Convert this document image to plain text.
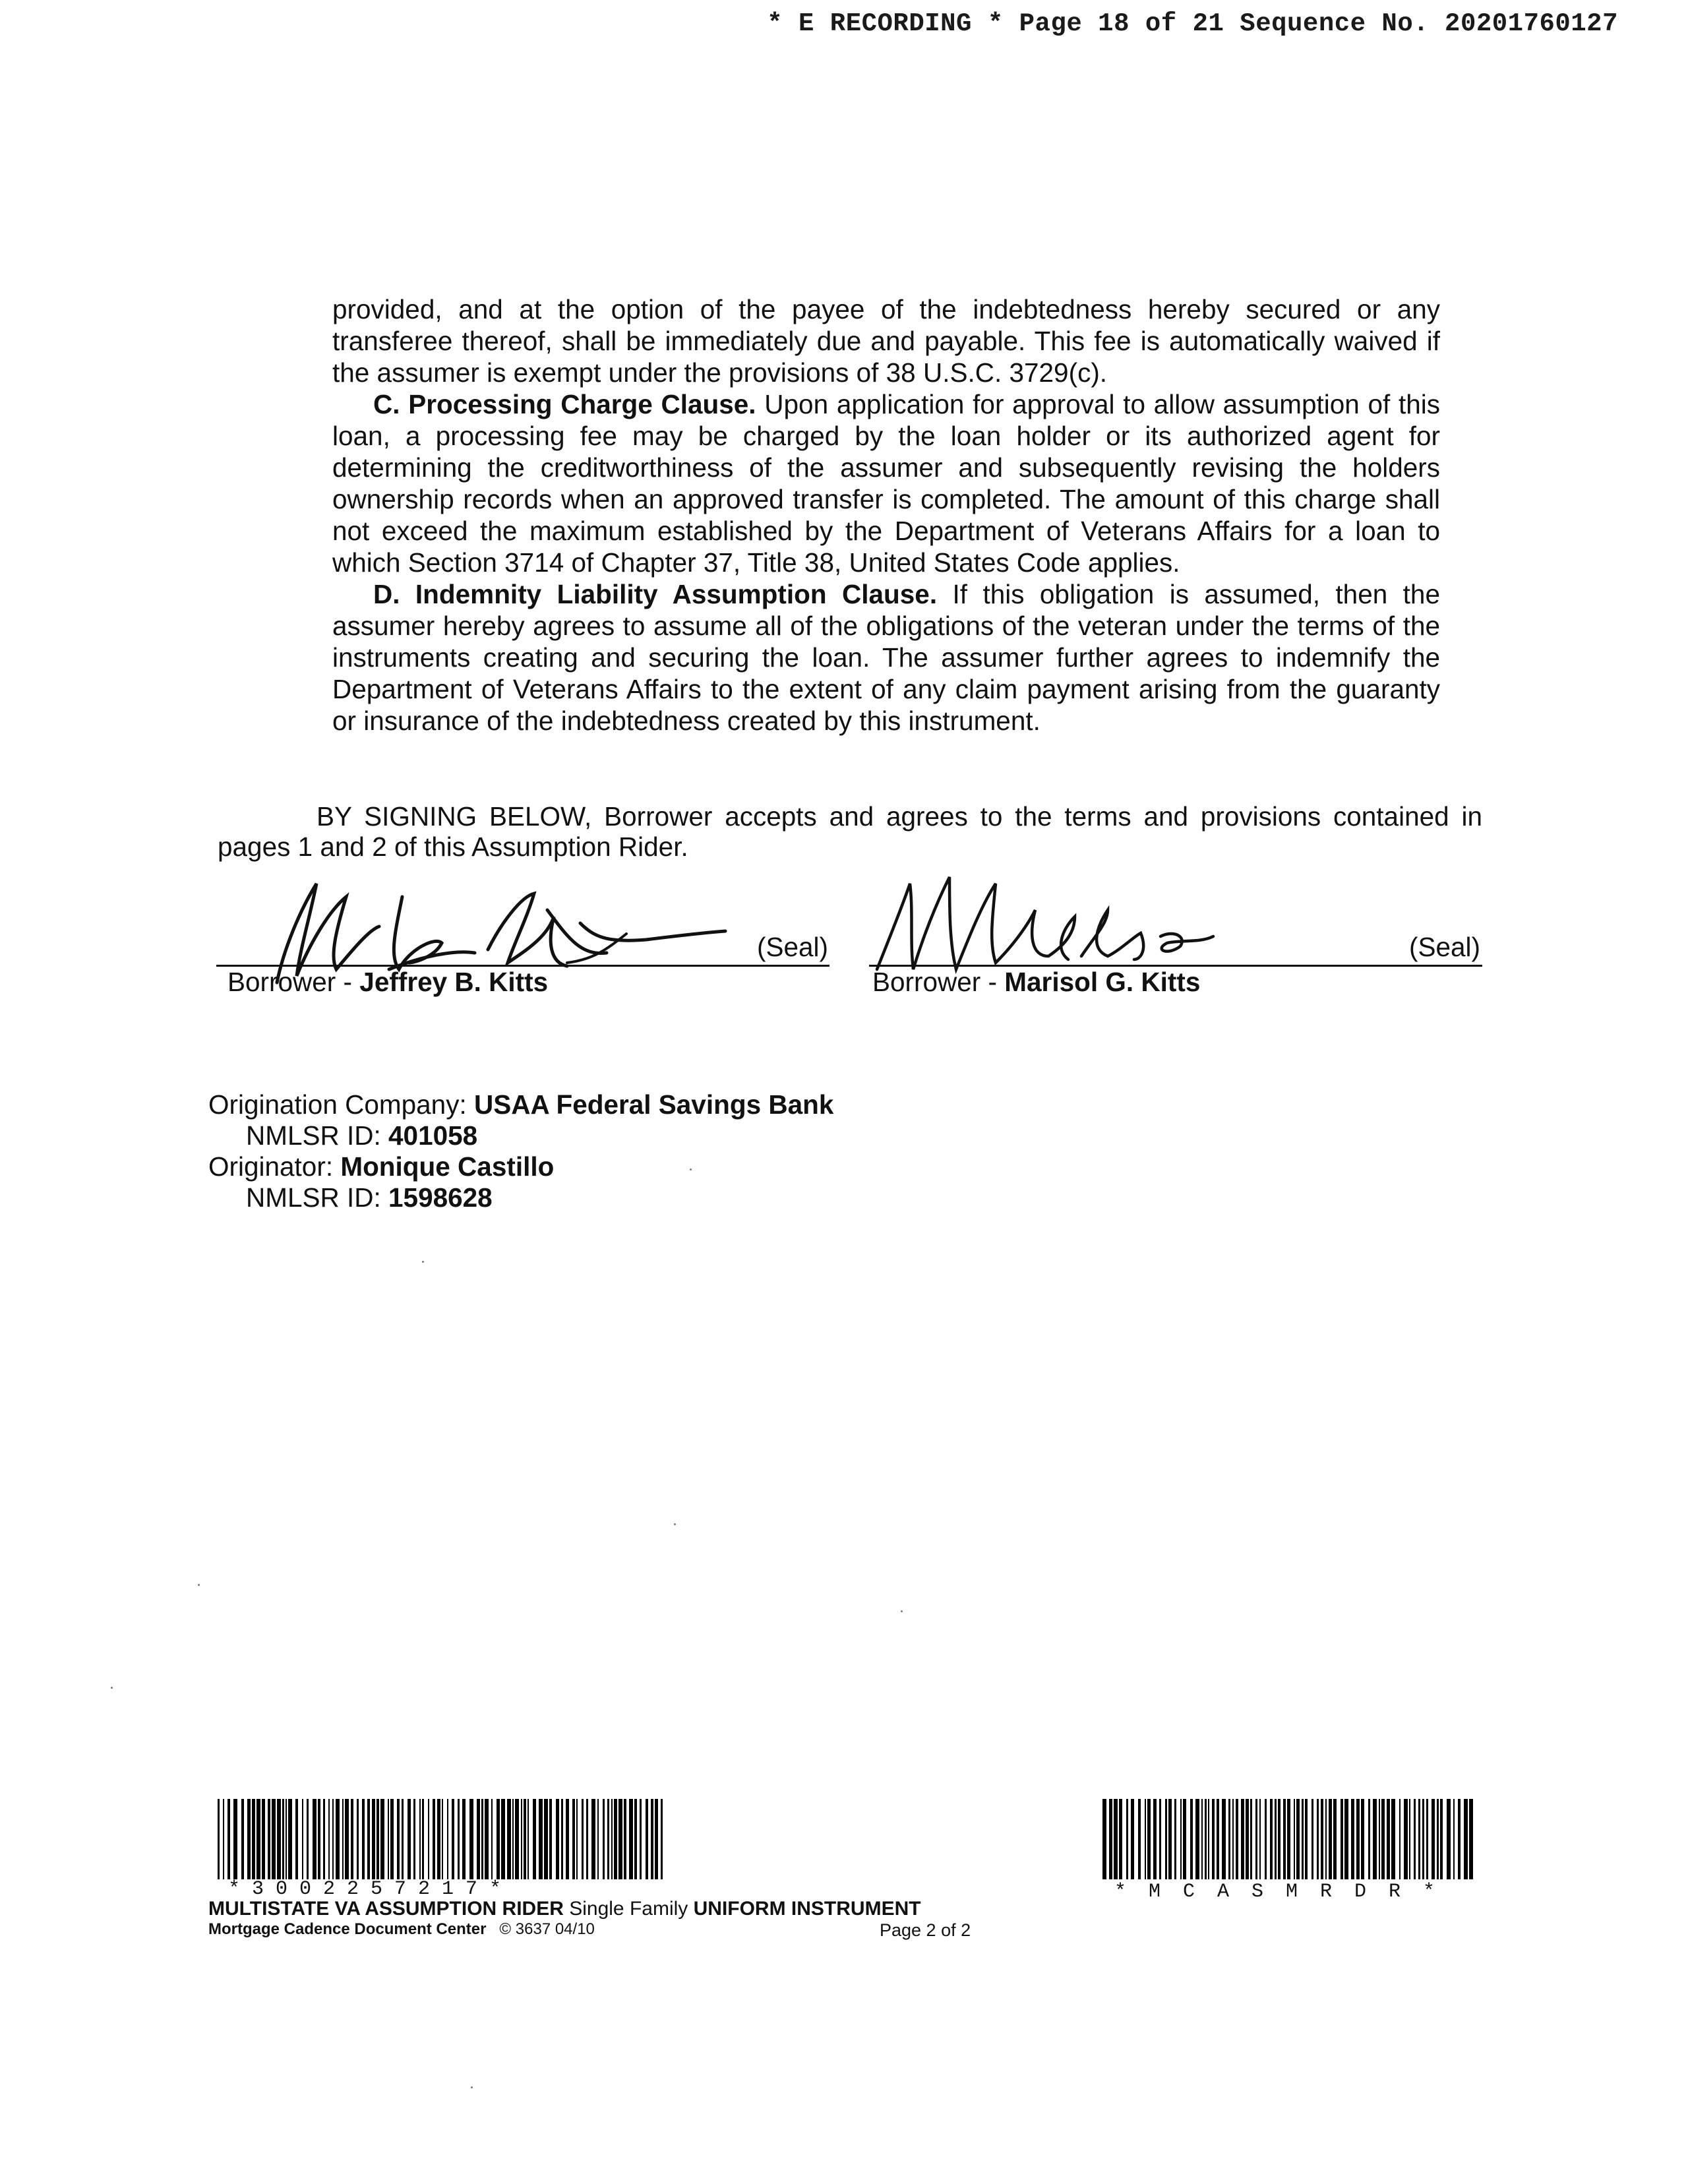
* E RECORDING * Page 18 of 21 Sequence No. 20201760127

provided, and at the option of the payee of the indebtedness hereby secured or any transferee thereof, shall be immediately due and payable. This fee is automatically waived if the assumer is exempt under the provisions of 38 U.S.C. 3729(c).

C. Processing Charge Clause. Upon application for approval to allow assumption of this loan, a processing fee may be charged by the loan holder or its authorized agent for determining the creditworthiness of the assumer and subsequently revising the holders ownership records when an approved transfer is completed. The amount of this charge shall not exceed the maximum established by the Department of Veterans Affairs for a loan to which Section 3714 of Chapter 37, Title 38, United States Code applies.

D. Indemnity Liability Assumption Clause. If this obligation is assumed, then the assumer hereby agrees to assume all of the obligations of the veteran under the terms of the instruments creating and securing the loan. The assumer further agrees to indemnify the Department of Veterans Affairs to the extent of any claim payment arising from the guaranty or insurance of the indebtedness created by this instrument.

BY SIGNING BELOW, Borrower accepts and agrees to the terms and provisions contained in pages 1 and 2 of this Assumption Rider.

(Seal)
Borrower - Jeffrey B. Kitts
(Seal)
Borrower - Marisol G. Kitts
Origination Company: USAA Federal Savings Bank
NMLSR ID: 401058
Originator: Monique Castillo
NMLSR ID: 1598628
*3002257217*	*MCASMRDR*
MULTISTATE VA ASSUMPTION RIDER Single Family UNIFORM INSTRUMENT
Mortgage Cadence Document Center © 3637 04/10	Page 2 of 2
